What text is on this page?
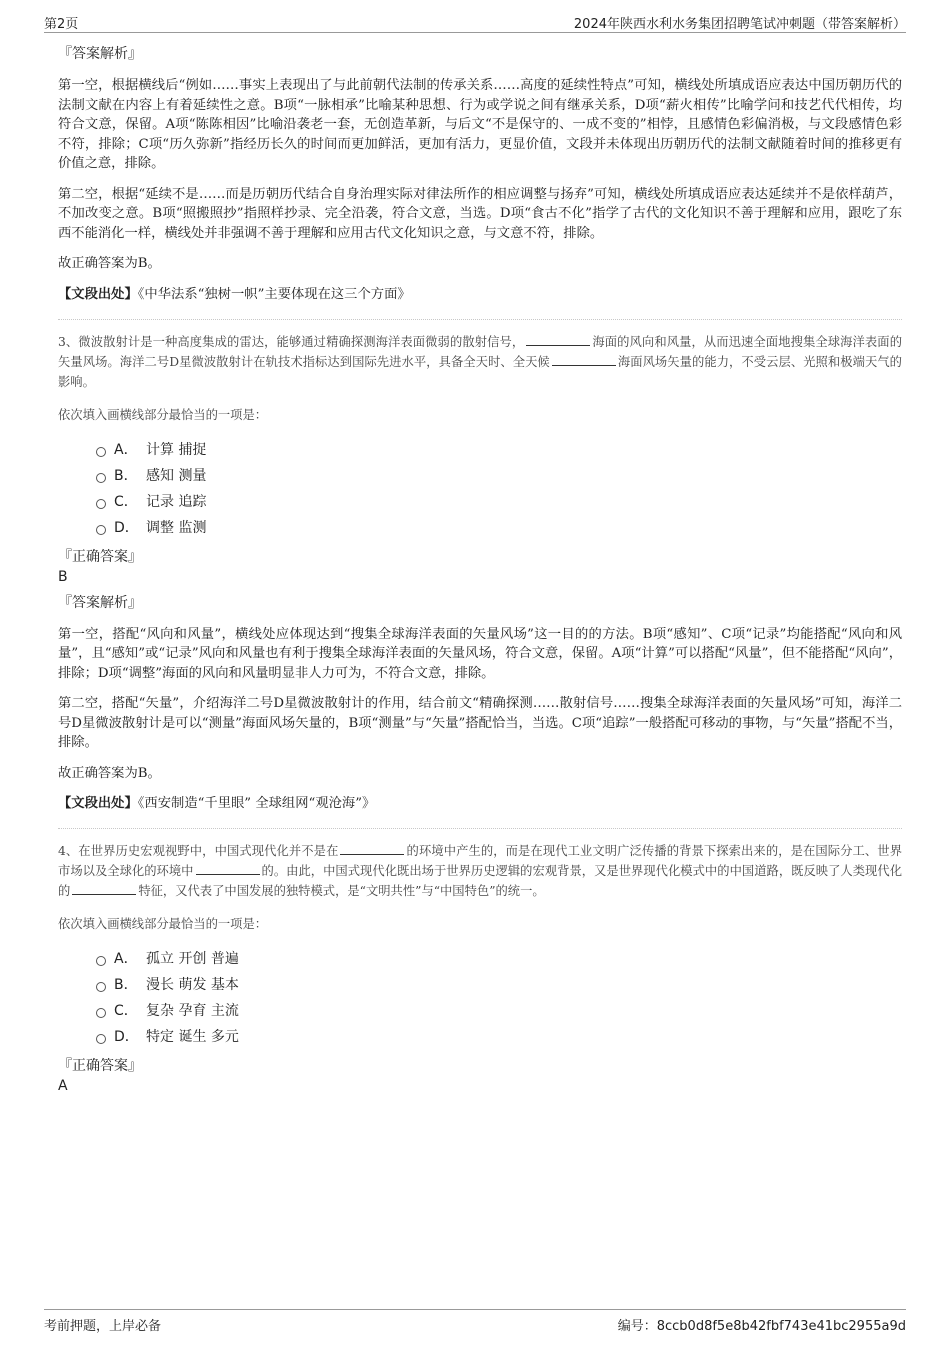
第2页	2024年陕西水利水务集团招聘笔试冲刺题（带答案解析）

『答案解析』

第一空，根据横线后“例如……事实上表现出了与此前朝代法制的传承关系……高度的延续性特点”可知，横线处所填成语应表达中国历朝历代的法制文献在内容上有着延续性之意。B项“一脉相承”比喻某种思想、行为或学说之间有继承关系，D项“薪火相传”比喻学问和技艺代代相传，均符合文意，保留。A项“陈陈相因”比喻沿袭老一套，无创造革新，与后文“不是保守的、一成不变的”相悖，且感情色彩偏消极，与文段感情色彩不符，排除；C项“历久弥新”指经历长久的时间而更加鲜活，更加有活力，更显价值，文段并未体现出历朝历代的法制文献随着时间的推移更有价值之意，排除。

第二空，根据“延续不是……而是历朝历代结合自身治理实际对律法所作的相应调整与扬弃”可知，横线处所填成语应表达延续并不是依样葫芦，不加改变之意。B项“照搬照抄”指照样抄录、完全沿袭，符合文意，当选。D项“食古不化”指学了古代的文化知识不善于理解和应用，跟吃了东西不能消化一样，横线处并非强调不善于理解和应用古代文化知识之意，与文意不符，排除。

故正确答案为B。

【文段出处】《中华法系“独树一帜”主要体现在这三个方面》

3、微波散射计是一种高度集成的雷达，能够通过精确探测海洋表面微弱的散射信号，	海面的风向和风量，从而迅速全面地搜集全球海洋表面的矢量风场。海洋二号D星微波散射计在轨技术指标达到国际先进水平，具备全天时、全天候	海面风场矢量的能力，不受云层、光照和极端天气的影响。

依次填入画横线部分最恰当的一项是：

A． 计算 捕捉
B． 感知 测量
C． 记录 追踪
D． 调整 监测

『正确答案』

B

『答案解析』

第一空，搭配“风向和风量”，横线处应体现达到“搜集全球海洋表面的矢量风场”这一目的的方法。B项“感知”、C项“记录”均能搭配“风向和风量”，且“感知”或“记录”风向和风量也有利于搜集全球海洋表面的矢量风场，符合文意，保留。A项“计算”可以搭配“风量”，但不能搭配“风向”，排除；D项“调整”海面的风向和风量明显非人力可为，不符合文意，排除。

第二空，搭配“矢量”，介绍海洋二号D星微波散射计的作用，结合前文“精确探测……散射信号……搜集全球海洋表面的矢量风场”可知，海洋二号D星微波散射计是可以“测量”海面风场矢量的，B项“测量”与“矢量”搭配恰当，当选。C项“追踪”一般搭配可移动的事物，与“矢量”搭配不当，排除。

故正确答案为B。

【文段出处】《西安制造“千里眼” 全球组网“观沧海”》

4、在世界历史宏观视野中，中国式现代化并不是在	的环境中产生的，而是在现代工业文明广泛传播的背景下探索出来的，是在国际分工、世界市场以及全球化的环境中	的。由此，中国式现代化既出场于世界历史逻辑的宏观背景，又是世界现代化模式中的中国道路，既反映了人类现代化的	特征，又代表了中国发展的独特模式，是“文明共性”与“中国特色”的统一。

依次填入画横线部分最恰当的一项是：

A． 孤立 开创 普遍
B． 漫长 萌发 基本
C． 复杂 孕育 主流
D． 特定 诞生 多元

『正确答案』

A

考前押题，上岸必备	编号：8ccb0d8f5e8b42fbf743e41bc2955a9d
